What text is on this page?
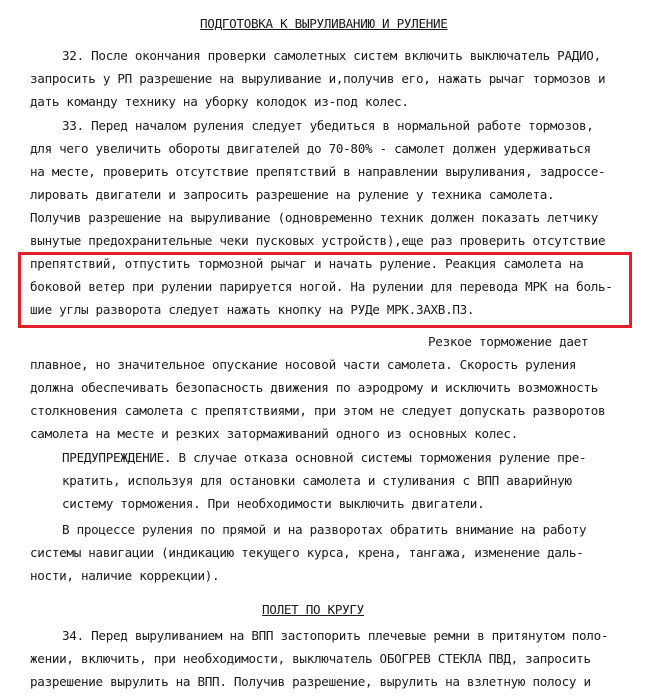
ПОДГОТОВКА К ВЫРУЛИВАНИЮ И РУЛЕНИЕ
32. После окончания проверки самолетных систем включить выключатель РАДИО,
запросить у РП разрешение на выруливание и,получив его, нажать рычаг тормозов и
дать команду технику на уборку колодок из-под колес.
33. Перед началом руления следует убедиться в нормальной работе тормозов,
для чего увеличить обороты двигателей до 70-80% - самолет должен удерживаться
на месте, проверить отсутствие препятствий в направлении выруливания, задроссе-
лировать двигатели и запросить разрешение на руление у техника самолета.
Получив разрешение на выруливание (одновременно техник должен показать летчику
вынутые предохранительные чеки пусковых устройств),еще раз проверить отсутствие
препятствий, отпустить тормозной рычаг и начать руление. Реакция самолета на
боковой ветер при рулении парируется ногой. На рулении для перевода МРК на боль-
шие углы разворота следует нажать кнопку на РУДе МРК.ЗАХВ.ПЗ.
Резкое торможение дает
плавное, но значительное опускание носовой части самолета. Скорость руления
должна обеспечивать безопасность движения по аэродрому и исключить возможность
столкновения самолета с препятствиями, при этом не следует допускать разворотов
самолета на месте и резких затормаживаний одного из основных колес.
ПРЕДУПРЕЖДЕНИЕ. В случае отказа основной системы торможения руление пре-
кратить, используя для остановки самолета и стуливания с ВПП аварийную
систему торможения. При необходимости выключить двигатели.
В процессе руления по прямой и на разворотах обратить внимание на работу
системы навигации (индикацию текущего курса, крена, тангажа, изменение даль-
ности, наличие коррекции).
ПОЛЕТ ПО КРУГУ
34. Перед выруливанием на ВПП застопорить плечевые ремни в притянутом поло-
жении, включить, при необходимости, выключатель ОБОГРЕВ СТЕКЛА ПВД, запросить
разрешение вырулить на ВПП. Получив разрешение, вырулить на взлетную полосу и
